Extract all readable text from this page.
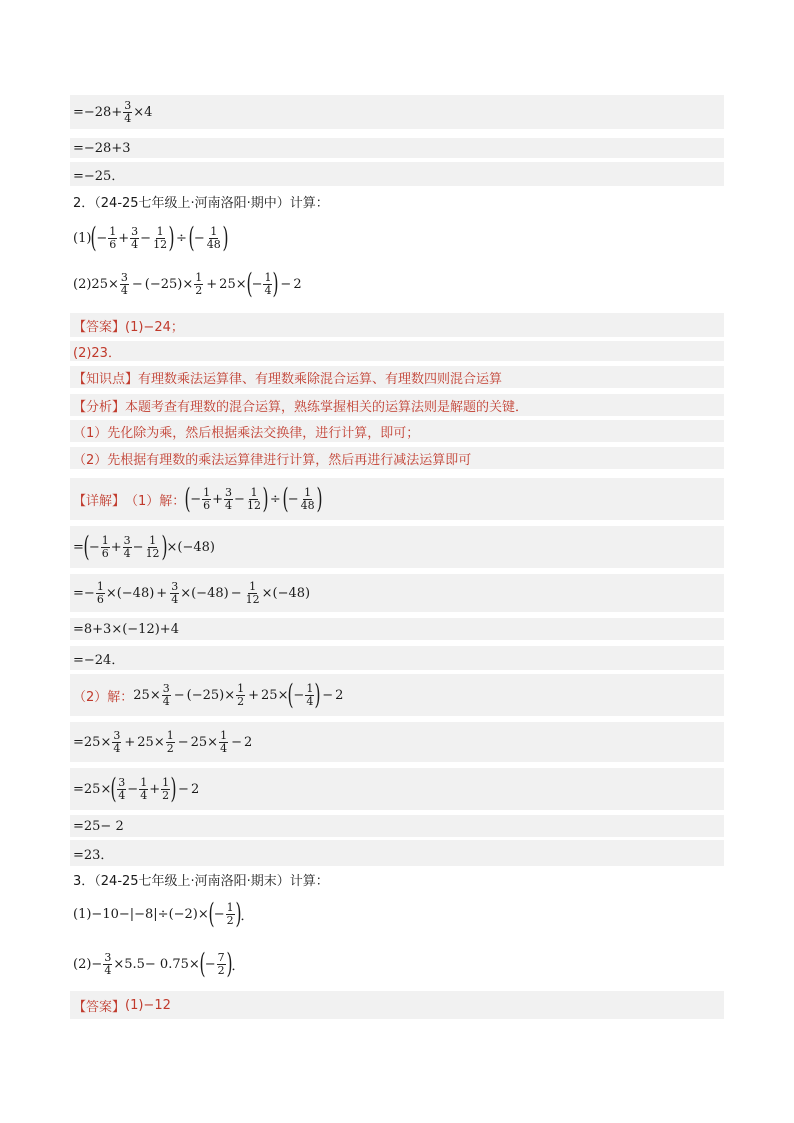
$=-28+ \frac{3}{4} \times 4$
=−28+3
=−25．
2．（24-25七年级上·河南洛阳·期中）计算：
(1) ( − $\frac{1}{6} + \frac{3}{4} - \frac{1}{12}$ ) ÷ ( − $\frac{1}{48}$ )
(2) $25 \times \frac{3}{4} - (-25) \times \frac{1}{2} + 25$ × ( − $\frac{1}{4}$ ) − 2
【答案】 (1)−24；
(2)23．
【知识点】 有理数乘法运算律、有理数乘除混合运算、有理数四则混合运算
【分析】 本题考查有理数的混合运算，熟练掌握相关的运算法则是解题的关键．
（1）先化除为乘，然后根据乘法交换律，进行计算，即可；
（2）先根据有理数的乘法运算律进行计算，然后再进行减法运算即可
【详解】 （1）解： ( − $\frac{1}{6} + \frac{3}{4} - \frac{1}{12}$ ) ÷ ( − $\frac{1}{48}$ )
= ( − $\frac{1}{6} + \frac{3}{4} - \frac{1}{12}$ ) × (−48)
= − $\frac{1}{6} \times (-48) + \frac{3}{4} \times (-48) - \frac{1}{12} \times (-48)$
=8+3×(−12)+4
=−24．
（2）解： $25 \times \frac{3}{4} - (-25) \times \frac{1}{2} + 25$ × ( − $\frac{1}{4}$ ) − 2
= $25 \times \frac{3}{4} + 25 \times \frac{1}{2} - 25 \times \frac{1}{4} - 2$
= 25 × ( $\frac{3}{4} - \frac{1}{4} + \frac{1}{2}$ ) − 2
=25− 2
=23．
3．（24-25七年级上·河南洛阳·期末）计算：
(1) −10−|−8|÷(−2)× ( − $\frac{1}{2}$ ) ．
$(2) - \frac{3}{4} \times 5.5- 0.75\times$ ( − $\frac{7}{2}$ ) ．
【答案】 (1)−12
